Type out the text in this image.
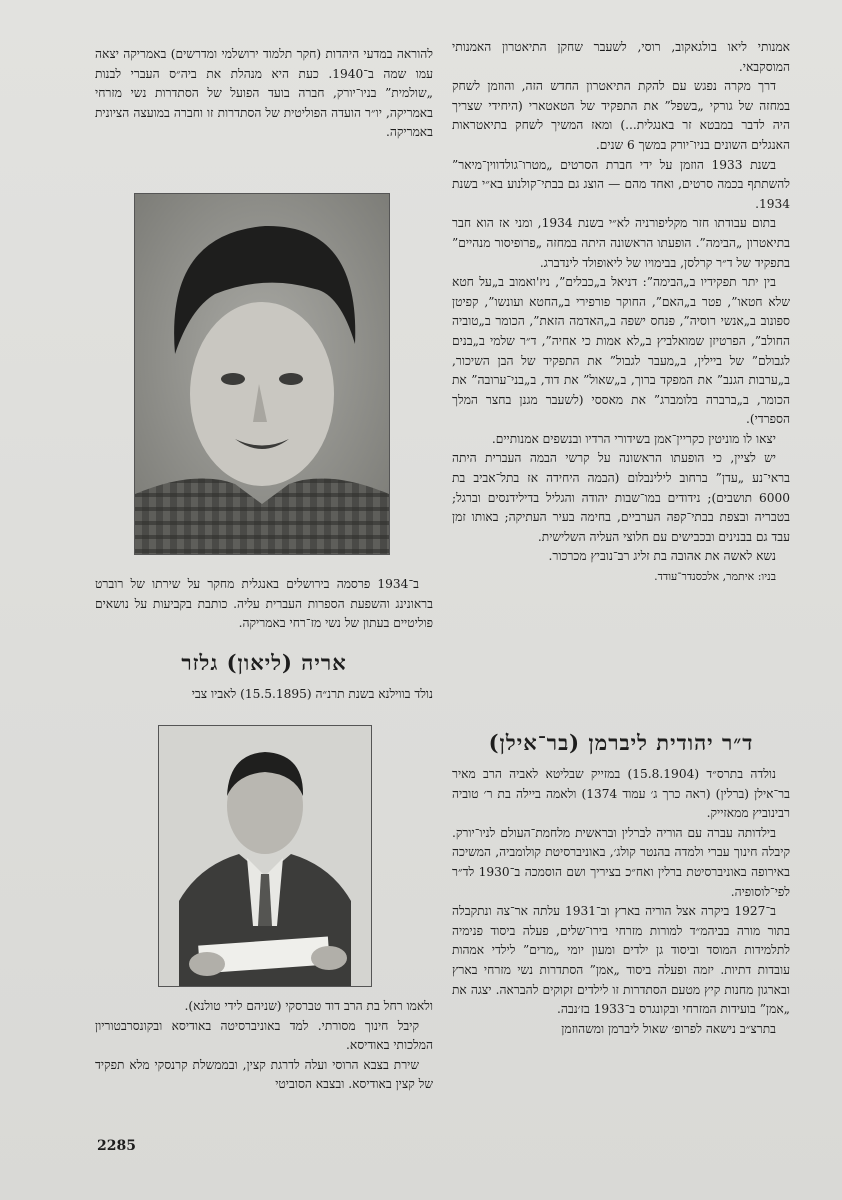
אמנותי ליאו בולגאקוב, רוסי, לשעבר שחקן התיאטרון האמנותי המוסקבאי.

דרך מקרה נפגש עם להקת התיאטרון החדש הזה, והוזמן לשחק במחזה של גורקי „בשפל” את התפקיד של הטאטארי (היחידי שצריך היה לדבר במבטא זר באנגלית...) ומאז המשיך לשחק בתיאטראות האנגלים השונים בניו־יורק במשך 6 שנים.

בשנת 1933 הוזמן על ידי חברת הסרטים „מטרו־גולדווין־מיאר” להשתתף בכמה סרטים, ואחד מהם — הוצג גם בבתי־קולנוע בא״י בשנת 1934.

בתום עבודתו חזר מקליפורניה לא״י בשנת 1934, ומני אז הוא חבר בתיאטרון „הבימה”. הופעתו הראשונה היתה במחזה „פרופיסור מנהיים” בתפקיד של ד״ר קרלסן, בבימויו של ליאופולד לינדברג.

בין יתר תפקידיו ב„הבימה”: דניאל ב„כבלים”, ניז'ואמוב ב„על חטא שלא חטאו”, פטר ב„האם”, החוקר פורפירי ב„החטא ועונשו”, קפיטן ספונוב ב„אנשי רוסיה”, פנחס ישפה ב„האדמה הזאת”, הכומר ב„טוביה החולב”, הפרטיזן שמואלביץ ב„לא אמות כי אחיה”, ד״ר שלמי ב„בנים לגבולם” של ביילין, ב„מעבר לגבול” את התפקיד של הבן השיכור, ב„ערבות הגנב” את המפקד ברוך, ב„שאול” את דוד, ב„בני־ערובה” את הכומר, ב„ברברה בלומברג” את מאססי (לשעבר מגנן בחצר המלך הספרדי).

יצאו לו מוניטין כקריין־אמן בשידורי הרדיו ובנשפים אמנותיים.

יש לציין, כי הופעתו הראשונה על קרשי הבמה העברית היתה בראי־נע „עדן” ברחוב לילינבלום (הבמה היחידה אז בתל־אביב בת 6000 תושבים); נידודים במו־שבות יהודה והגליל בדילידנסים וברגל; בטבריה ובצפת בבתי־קפה הערביים, בחימה בעיר העתיקה; באותו זמן עבד גם בבנינים ובכבישים עם חלוצי העליה השלישית.

נשא לאשה את אהובה בת זליג רב־נוביץ מכרכור.

בניו: איתמר, אלכסנדר־עודד.

להוראה במדעי היהדות (חקר תלמוד ירושלמי ומדרשים) באמריקה יצאה עמו שמה ב־1940. כעת היא מנהלת את ביה״ס העברי לבנות „שולמית” בניו־יורק, חברה בועד הפועל של הסתדרות נשי מזרחי באמריקה, יו״ר הועדה הפוליטית של הסתדרות זו וחברה במועצה הציונית באמריקה.

ב־1934 פרסמה בירושלים באנגלית מחקר על שירתו של רוברט בראונינג והשפעת הספרות העברית עליה. כותבת בקביעות על נושאים פוליטיים בעתון של נשי מז־רחי באמריקה.

אריה (ליאון) גלזר

נולד בווילנא בשנת תרנ״ה (15.5.1895) לאביו צבי

ולאמו רחל בת הרב דוד טברסקי (שניהם לידי טולנא).

קיבל חינוך מסורתי. למד באוניברסיטה באודיסא ובקונסרבטוריון המלכותי באודיסא.

שירת בצבא הרוסי ועלה לדרגת קצין, ובממשלת קרנסקי מלא תפקיד של קצין באודיסא. ובצבא הסוביטי

ד״ר יהודית ליברמן (בר־אילן)

נולדה בתרס״ד (15.8.1904) במזייק שבליטא לאביה הרב מאיר בר־אילן (ברלין) (ראה כרך ג׳ עמוד 1374) ולאמה ביילה בת ר׳ טוביה רבינוביץ ממאזייק.

בילדותה עברה עם הוריה לברלין ובראשית מלחמת־העולם לניו־יורק. קיבלה חינוך עברי ולמדה בהנטר קולג׳, באוניברסיטת קולומביה, המשיכה באירופה באוניברסיטת ברלין ואח״כ בציריך ושם הוסמכה ב־1930 לד״ר לפי־לוסופיה.

ב־1927 ביקרה אצל הוריה בארץ וב־1931 עלתה אר־צה ונתקבלה בתור מורה בביהמ״ד למורות מזרחי בירו־שלים, פעלה ביסוד פנימיה לתלמידות המוסד וביסוד גן ילדים ומעון יומי „מרים” לילדי אמהות עובדות דתיות. יזמה ופעלה ביסוד „אמן” הסתדרות נשי מזרחי בארץ ובארגון מחנות קיץ מטעם הסתדרות זו לילדים זקוקים להבראה. יצגה את „אמן” בועידות המזרחי ובקונגרס ב־1933 בז׳נבה.

בתרצ״ב נישאה לפרופ׳ שאול ליברמן ומשהוזמן

2285
